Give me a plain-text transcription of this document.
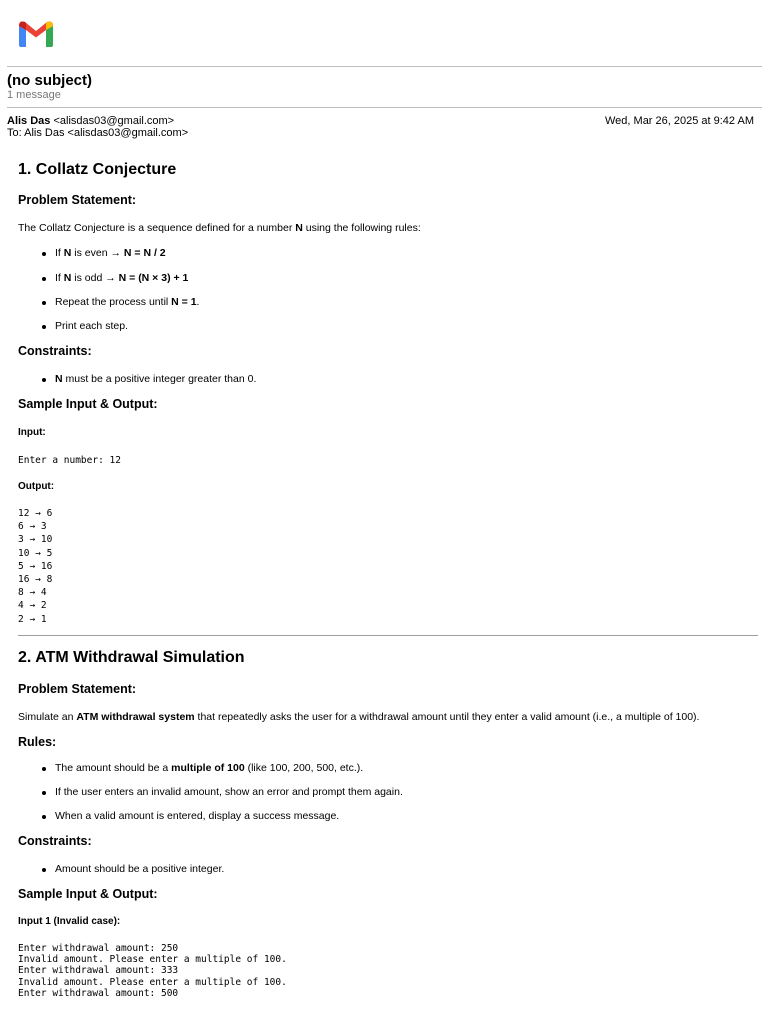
(no subject)
1 message
Alis Das <alisdas03@gmail.com>	Wed, Mar 26, 2025 at 9:42 AM
To: Alis Das <alisdas03@gmail.com>
1. Collatz Conjecture
Problem Statement:

The Collatz Conjecture is a sequence defined for a number N using the following rules:

If N is even → N = N / 2
If N is odd → N = (N × 3) + 1
Repeat the process until N = 1.
Print each step.
Constraints:
N must be a positive integer greater than 0.
Sample Input & Output:
Input:
Enter a number: 12
Output:
12 → 6
6 → 3
3 → 10
10 → 5
5 → 16
16 → 8
8 → 4
4 → 2
2 → 1
2. ATM Withdrawal Simulation
Problem Statement:

Simulate an ATM withdrawal system that repeatedly asks the user for a withdrawal amount until they enter a valid amount (i.e., a multiple of 100).

Rules:
The amount should be a multiple of 100 (like 100, 200, 500, etc.).
If the user enters an invalid amount, show an error and prompt them again.
When a valid amount is entered, display a success message.
Constraints:
Amount should be a positive integer.
Sample Input & Output:
Input 1 (Invalid case):
Enter withdrawal amount: 250
Invalid amount. Please enter a multiple of 100.
Enter withdrawal amount: 333
Invalid amount. Please enter a multiple of 100.
Enter withdrawal amount: 500
